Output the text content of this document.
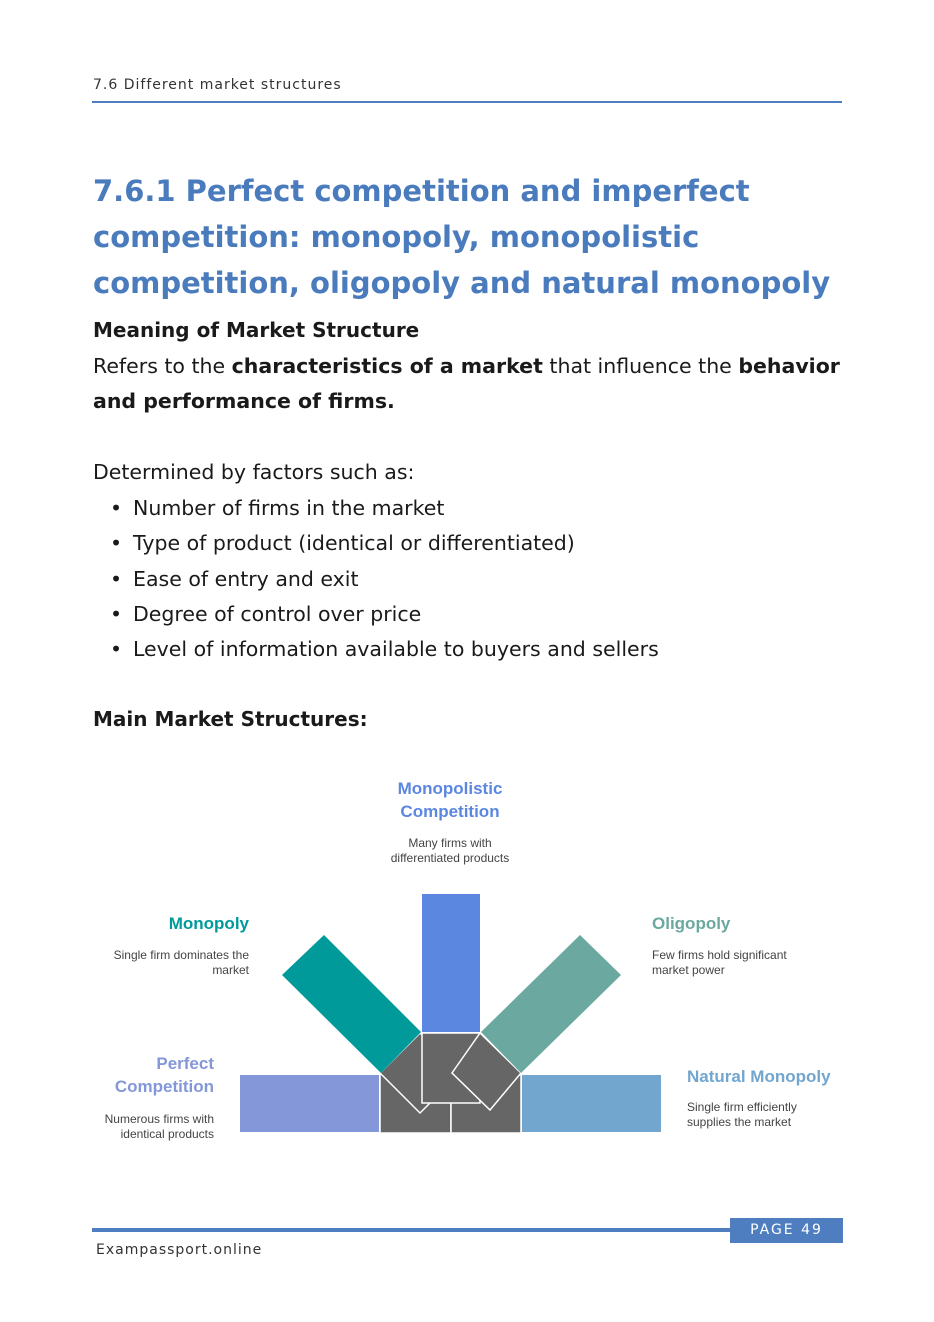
7.6 Different market structures
7.6.1 Perfect competition and imperfect competition: monopoly, monopolistic competition, oligopoly and natural monopoly
Meaning of Market Structure

Refers to the characteristics of a market that influence the behavior and performance of firms.

Determined by factors such as:

• Number of firms in the market
• Type of product (identical or differentiated)
• Ease of entry and exit
• Degree of control over price
• Level of information available to buyers and sellers
Main Market Structures:
Monopolistic
Competition
Many firms with
differentiated products
Monopoly
Single firm dominates the
market
Oligopoly
Few firms hold significant
market power
Perfect
Competition
Numerous firms with
identical products
Natural Monopoly
Single firm efficiently
supplies the market
PAGE 49
Exampassport.online
